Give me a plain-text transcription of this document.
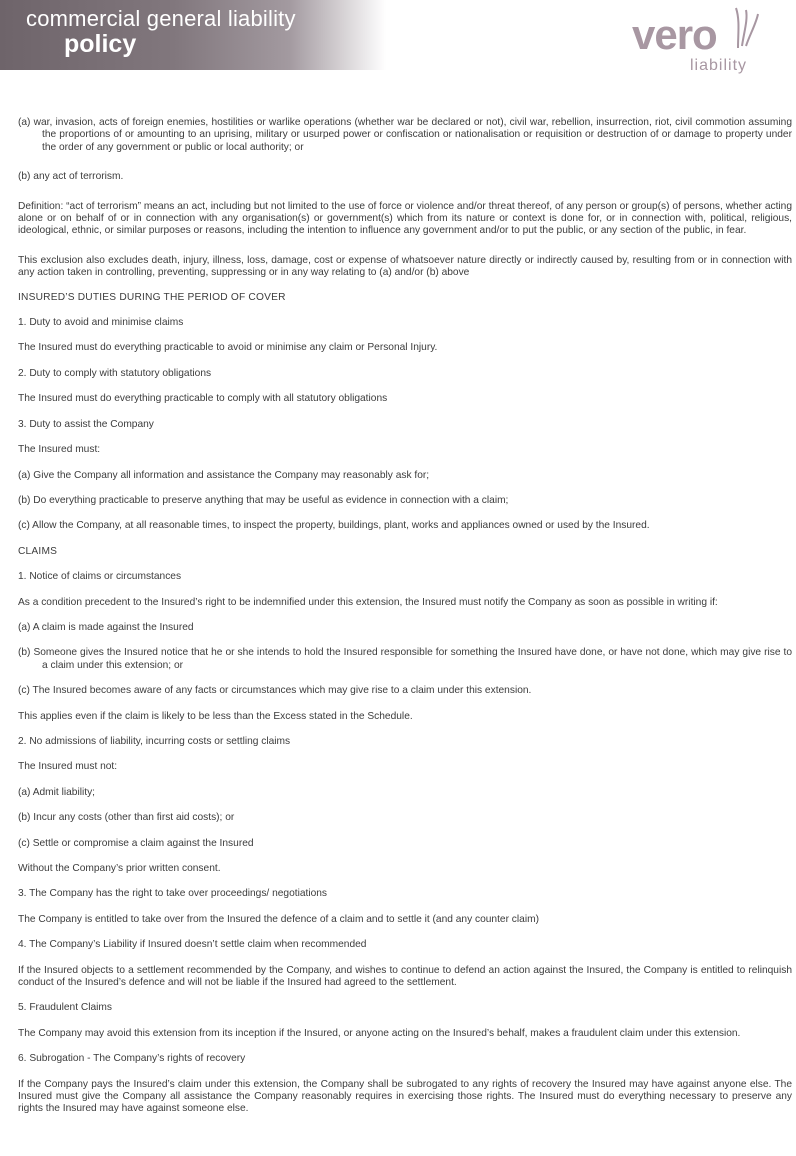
commercial general liability
policy	vero
liability

(a) war, invasion, acts of foreign enemies, hostilities or warlike operations (whether war be declared or not), civil war, rebellion, insurrection, riot, civil commotion assuming the proportions of or amounting to an uprising, military or usurped power or confiscation or nationalisation or requisition or destruction of or damage to property under the order of any government or public or local authority; or

(b) any act of terrorism.

Definition: “act of terrorism” means an act, including but not limited to the use of force or violence and/or threat thereof, of any person or group(s) of persons, whether acting alone or on behalf of or in connection with any organisation(s) or government(s) which from its nature or context is done for, or in connection with, political, religious, ideological, ethnic, or similar purposes or reasons, including the intention to influence any government and/or to put the public, or any section of the public, in fear.

This exclusion also excludes death, injury, illness, loss, damage, cost or expense of whatsoever nature directly or indirectly caused by, resulting from or in connection with any action taken in controlling, preventing, suppressing or in any way relating to (a) and/or (b) above

INSURED’S DUTIES DURING THE PERIOD OF COVER

1. Duty to avoid and minimise claims

The Insured must do everything practicable to avoid or minimise any claim or Personal Injury.

2. Duty to comply with statutory obligations

The Insured must do everything practicable to comply with all statutory obligations

3. Duty to assist the Company

The Insured must:

(a) Give the Company all information and assistance the Company may reasonably ask for;

(b) Do everything practicable to preserve anything that may be useful as evidence in connection with a claim;

(c) Allow the Company, at all reasonable times, to inspect the property, buildings, plant, works and appliances owned or used by the Insured.

CLAIMS

1. Notice of claims or circumstances

As a condition precedent to the Insured’s right to be indemnified under this extension, the Insured must notify the Company as soon as possible in writing if:

(a) A claim is made against the Insured

(b) Someone gives the Insured notice that he or she intends to hold the Insured responsible for something the Insured have done, or have not done, which may give rise to a claim under this extension; or

(c) The Insured becomes aware of any facts or circumstances which may give rise to a claim under this extension.

This applies even if the claim is likely to be less than the Excess stated in the Schedule.

2. No admissions of liability, incurring costs or settling claims

The Insured must not:

(a) Admit liability;

(b) Incur any costs (other than first aid costs); or

(c) Settle or compromise a claim against the Insured

Without the Company’s prior written consent.

3. The Company has the right to take over proceedings/ negotiations

The Company is entitled to take over from the Insured the defence of a claim and to settle it (and any counter claim)

4. The Company’s Liability if Insured doesn’t settle claim when recommended

If the Insured objects to a settlement recommended by the Company, and wishes to continue to defend an action against the Insured, the Company is entitled to relinquish conduct of the Insured’s defence and will not be liable if the Insured had agreed to the settlement.

5. Fraudulent Claims

The Company may avoid this extension from its inception if the Insured, or anyone acting on the Insured’s behalf, makes a fraudulent claim under this extension.

6. Subrogation - The Company’s rights of recovery

If the Company pays the Insured’s claim under this extension, the Company shall be subrogated to any rights of recovery the Insured may have against anyone else. The Insured must give the Company all assistance the Company reasonably requires in exercising those rights. The Insured must do everything necessary to preserve any rights the Insured may have against someone else.
